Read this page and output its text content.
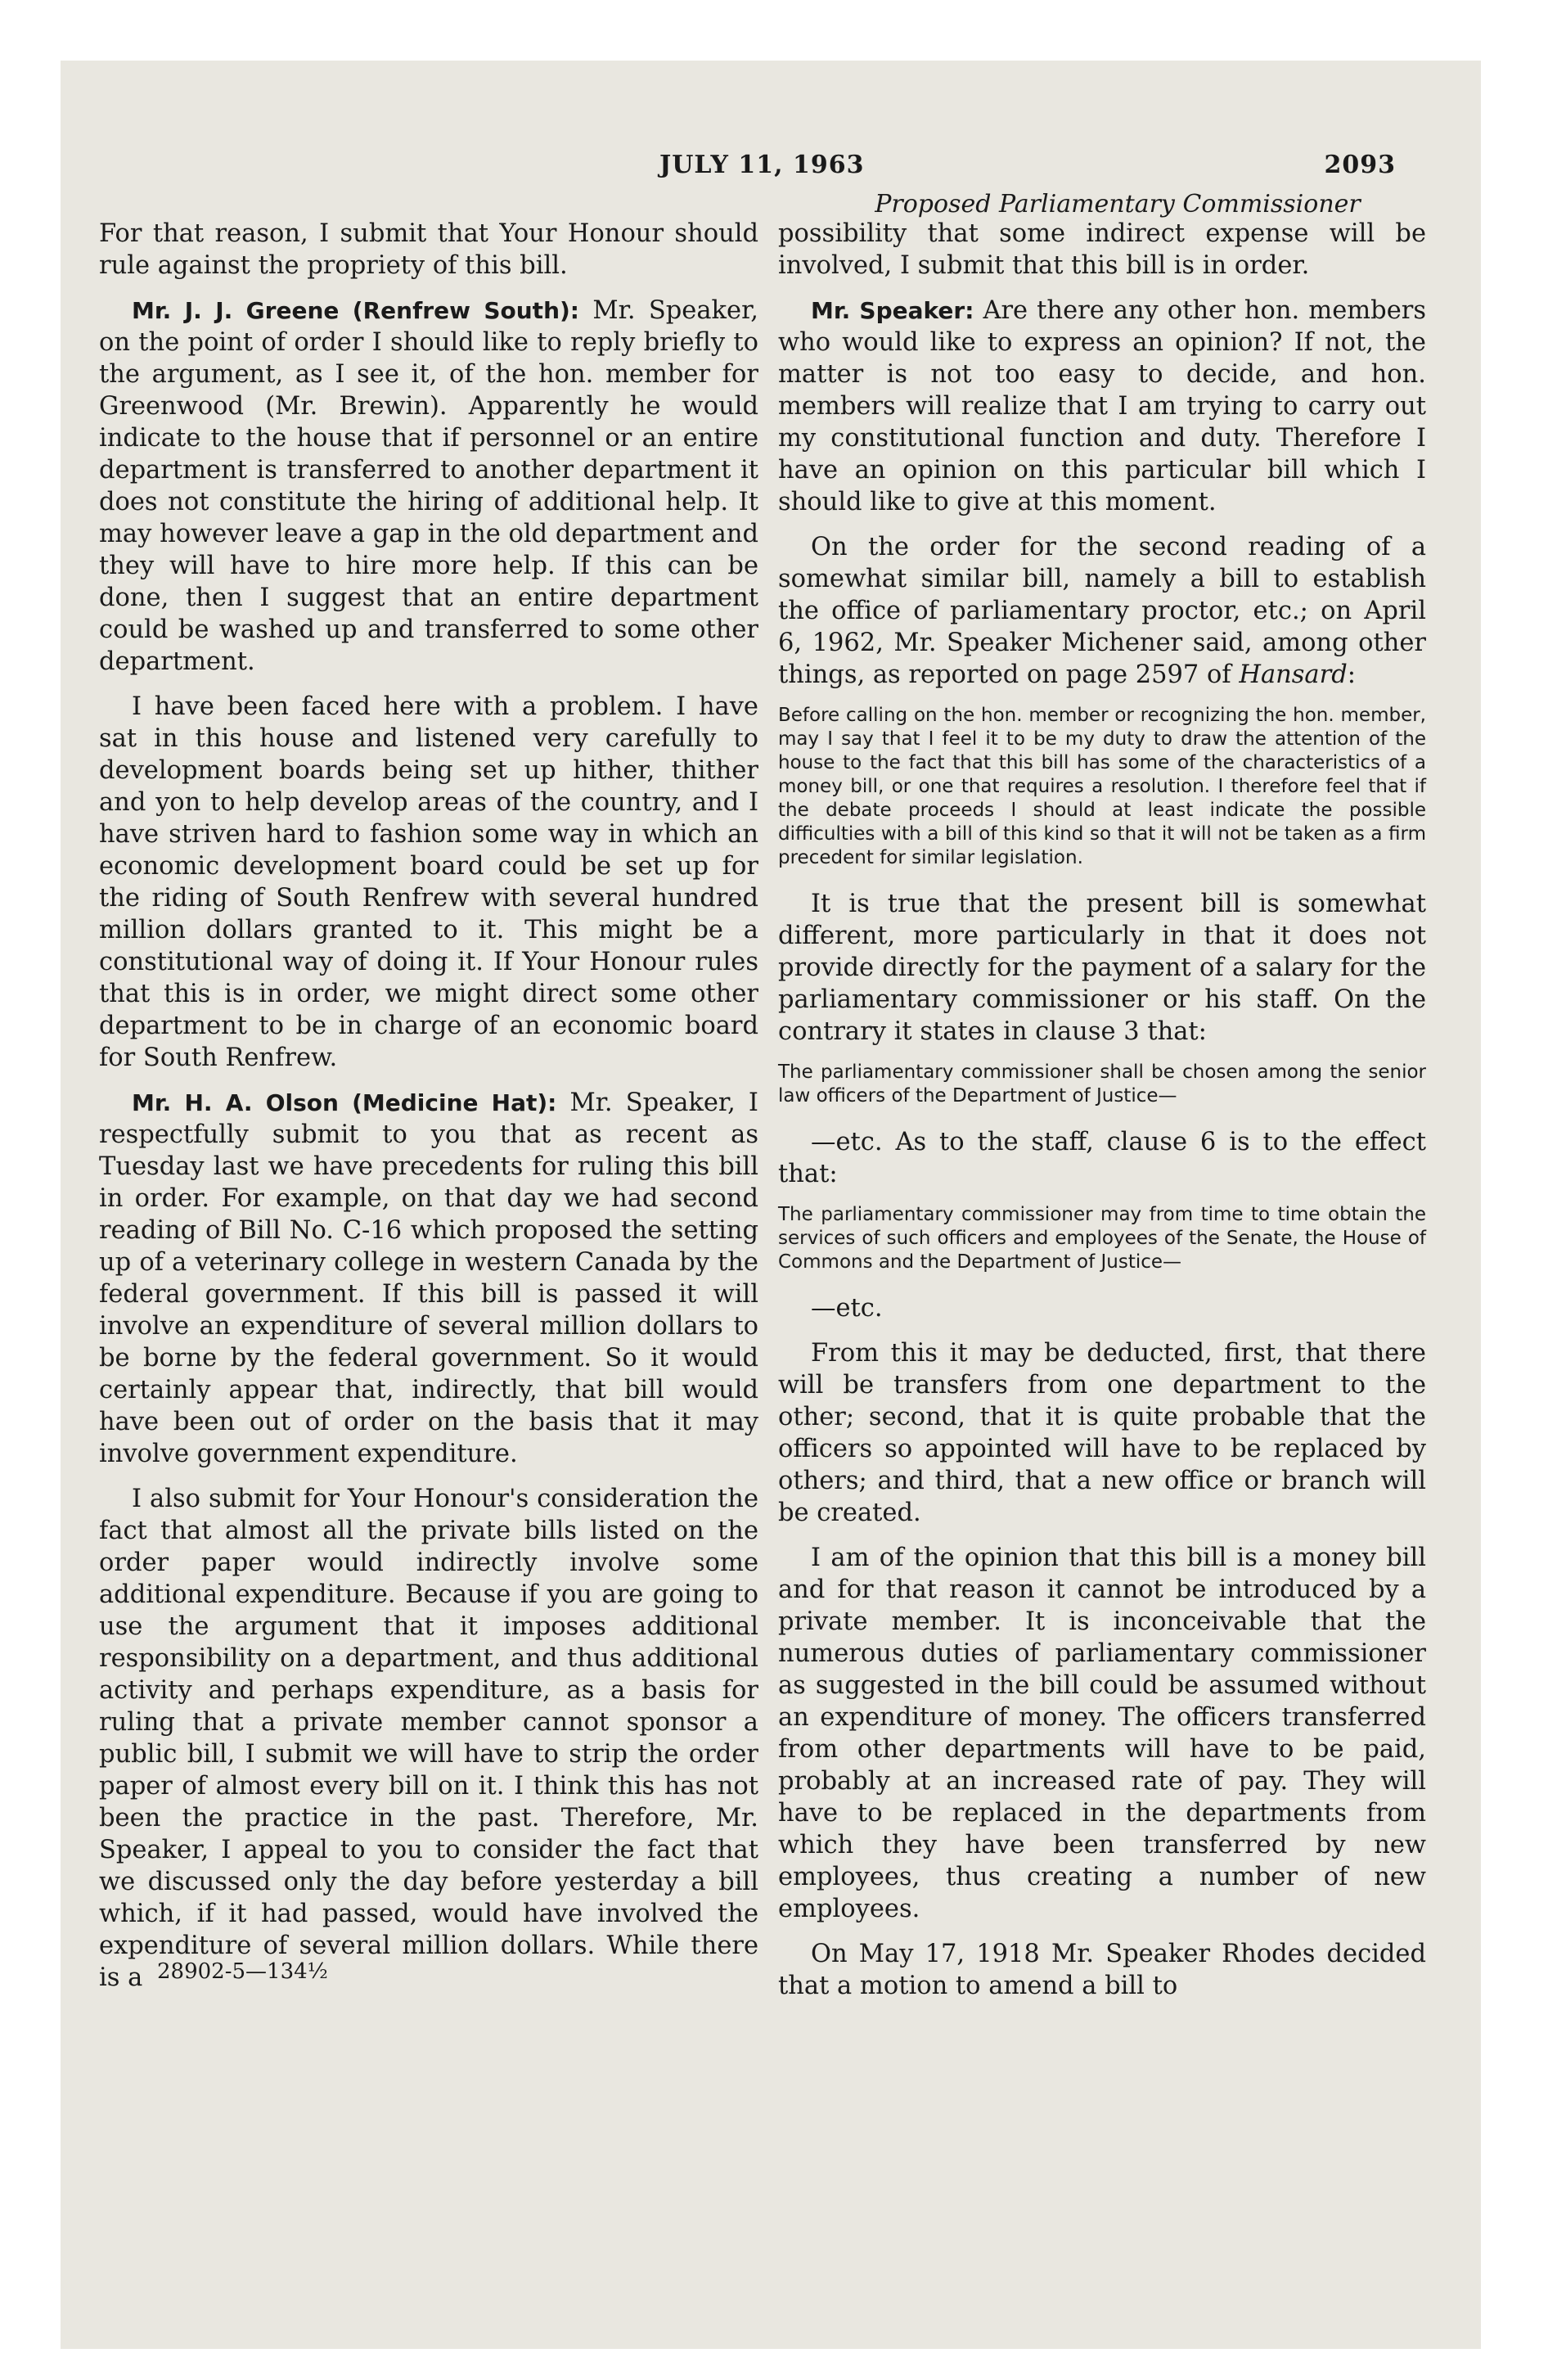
JULY 11, 1963	2093
Proposed Parliamentary Commissioner

For that reason, I submit that Your Honour should rule against the propriety of this bill.

Mr. J. J. Greene (Renfrew South): Mr. Speaker, on the point of order I should like to reply briefly to the argument, as I see it, of the hon. member for Greenwood (Mr. Brewin). Apparently he would indicate to the house that if personnel or an entire department is transferred to another department it does not constitute the hiring of additional help. It may however leave a gap in the old department and they will have to hire more help. If this can be done, then I suggest that an entire department could be washed up and transferred to some other department.

I have been faced here with a problem. I have sat in this house and listened very carefully to development boards being set up hither, thither and yon to help develop areas of the country, and I have striven hard to fashion some way in which an economic development board could be set up for the riding of South Renfrew with several hundred million dollars granted to it. This might be a constitutional way of doing it. If Your Honour rules that this is in order, we might direct some other department to be in charge of an economic board for South Renfrew.

Mr. H. A. Olson (Medicine Hat): Mr. Speaker, I respectfully submit to you that as recent as Tuesday last we have precedents for ruling this bill in order. For example, on that day we had second reading of Bill No. C-16 which proposed the setting up of a veterinary college in western Canada by the federal government. If this bill is passed it will involve an expenditure of several million dollars to be borne by the federal government. So it would certainly appear that, indirectly, that bill would have been out of order on the basis that it may involve government expenditure.

I also submit for Your Honour's consideration the fact that almost all the private bills listed on the order paper would indirectly involve some additional expenditure. Because if you are going to use the argument that it imposes additional responsibility on a department, and thus additional activity and perhaps expenditure, as a basis for ruling that a private member cannot sponsor a public bill, I submit we will have to strip the order paper of almost every bill on it. I think this has not been the practice in the past. Therefore, Mr. Speaker, I appeal to you to consider the fact that we discussed only the day before yesterday a bill which, if it had passed, would have involved the expenditure of several million dollars. While there is a

possibility that some indirect expense will be involved, I submit that this bill is in order.

Mr. Speaker: Are there any other hon. members who would like to express an opinion? If not, the matter is not too easy to decide, and hon. members will realize that I am trying to carry out my constitutional function and duty. Therefore I have an opinion on this particular bill which I should like to give at this moment.

On the order for the second reading of a somewhat similar bill, namely a bill to establish the office of parliamentary proctor, etc.; on April 6, 1962, Mr. Speaker Michener said, among other things, as reported on page 2597 of Hansard:

Before calling on the hon. member or recognizing the hon. member, may I say that I feel it to be my duty to draw the attention of the house to the fact that this bill has some of the characteristics of a money bill, or one that requires a resolution. I therefore feel that if the debate proceeds I should at least indicate the possible difficulties with a bill of this kind so that it will not be taken as a firm precedent for similar legislation.

It is true that the present bill is somewhat different, more particularly in that it does not provide directly for the payment of a salary for the parliamentary commissioner or his staff. On the contrary it states in clause 3 that:

The parliamentary commissioner shall be chosen among the senior law officers of the Department of Justice—

—etc. As to the staff, clause 6 is to the effect that:

The parliamentary commissioner may from time to time obtain the services of such officers and employees of the Senate, the House of Commons and the Department of Justice—

—etc.

From this it may be deducted, first, that there will be transfers from one department to the other; second, that it is quite probable that the officers so appointed will have to be replaced by others; and third, that a new office or branch will be created.

I am of the opinion that this bill is a money bill and for that reason it cannot be introduced by a private member. It is inconceivable that the numerous duties of parliamentary commissioner as suggested in the bill could be assumed without an expenditure of money. The officers transferred from other departments will have to be paid, probably at an increased rate of pay. They will have to be replaced in the departments from which they have been transferred by new employees, thus creating a number of new employees.

On May 17, 1918 Mr. Speaker Rhodes decided that a motion to amend a bill to

28902-5—134½
